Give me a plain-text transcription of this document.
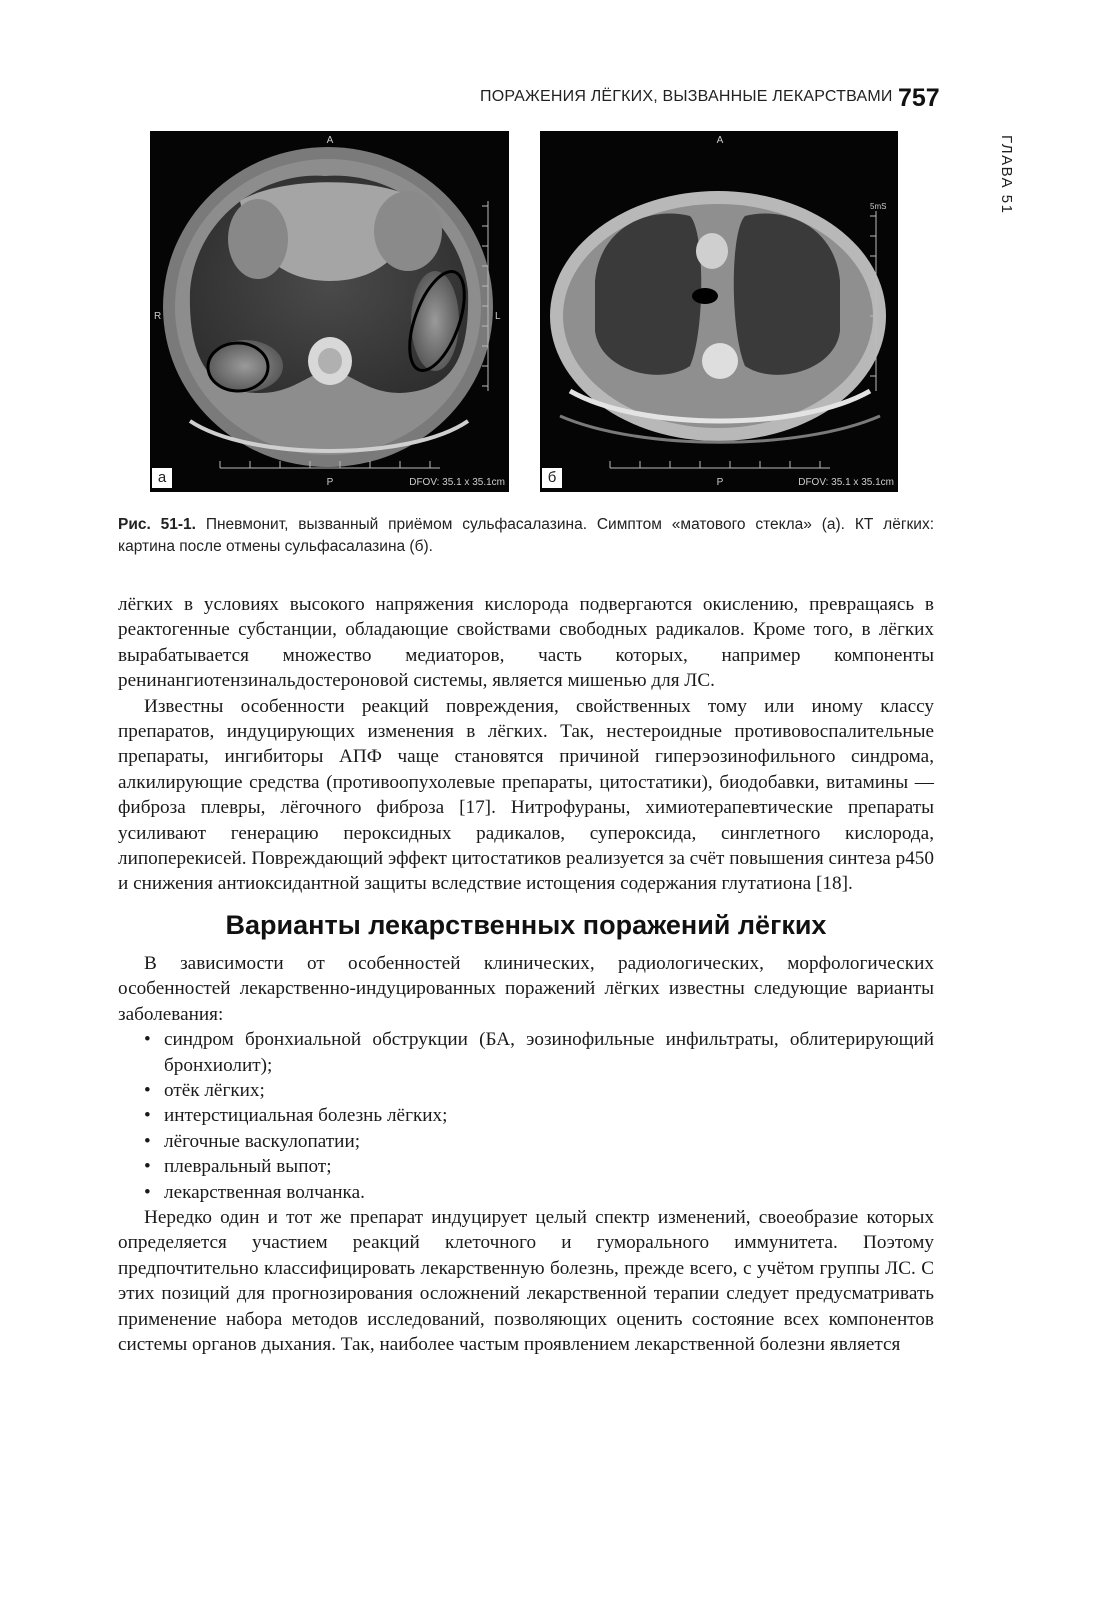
ПОРАЖЕНИЯ ЛЁГКИХ, ВЫЗВАННЫЕ ЛЕКАРСТВАМИ 757
ГЛАВА 51
A
P
R	L
DFOV: 35.1 x 35.1cm
а
A
P
5mS
DFOV: 35.1 x 35.1cm
б
Рис. 51-1. Пневмонит, вызванный приёмом сульфасалазина. Симптом «матового стекла» (а). КТ лёгких: картина после отмены сульфасалазина (б).

лёгких в условиях высокого напряжения кислорода подвергаются окислению, превращаясь в реактогенные субстанции, обладающие свойствами свободных радикалов. Кроме того, в лёгких вырабатывается множество медиаторов, часть которых, например компоненты ренинангиотензинальдостероновой системы, является мишенью для ЛС.

Известны особенности реакций повреждения, свойственных тому или иному классу препаратов, индуцирующих изменения в лёгких. Так, нестероидные противовоспалительные препараты, ингибиторы АПФ чаще становятся причиной гиперэозинофильного синдрома, алкилирующие средства (противоопухолевые препараты, цитостатики), биодобавки, витамины — фиброза плевры, лёгочного фиброза [17]. Нитрофураны, химиотерапевтические препараты усиливают генерацию пероксидных радикалов, супероксида, синглетного кислорода, липоперекисей. Повреждающий эффект цитостатиков реализуется за счёт повышения синтеза p450 и снижения антиоксидантной защиты вследствие истощения содержания глутатиона [18].

Варианты лекарственных поражений лёгких

В зависимости от особенностей клинических, радиологических, морфологических особенностей лекарственно-индуцированных поражений лёгких известны следующие варианты заболевания:

• синдром бронхиальной обструкции (БА, эозинофильные инфильтраты, облитерирующий бронхиолит);
• отёк лёгких;
• интерстициальная болезнь лёгких;
• лёгочные васкулопатии;
• плевральный выпот;
• лекарственная волчанка.

Нередко один и тот же препарат индуцирует целый спектр изменений, своеобразие которых определяется участием реакций клеточного и гуморального иммунитета. Поэтому предпочтительно классифицировать лекарственную болезнь, прежде всего, с учётом группы ЛС. С этих позиций для прогнозирования осложнений лекарственной терапии следует предусматривать применение набора методов исследований, позволяющих оценить состояние всех компонентов системы органов дыхания. Так, наиболее частым проявлением лекарственной болезни является
